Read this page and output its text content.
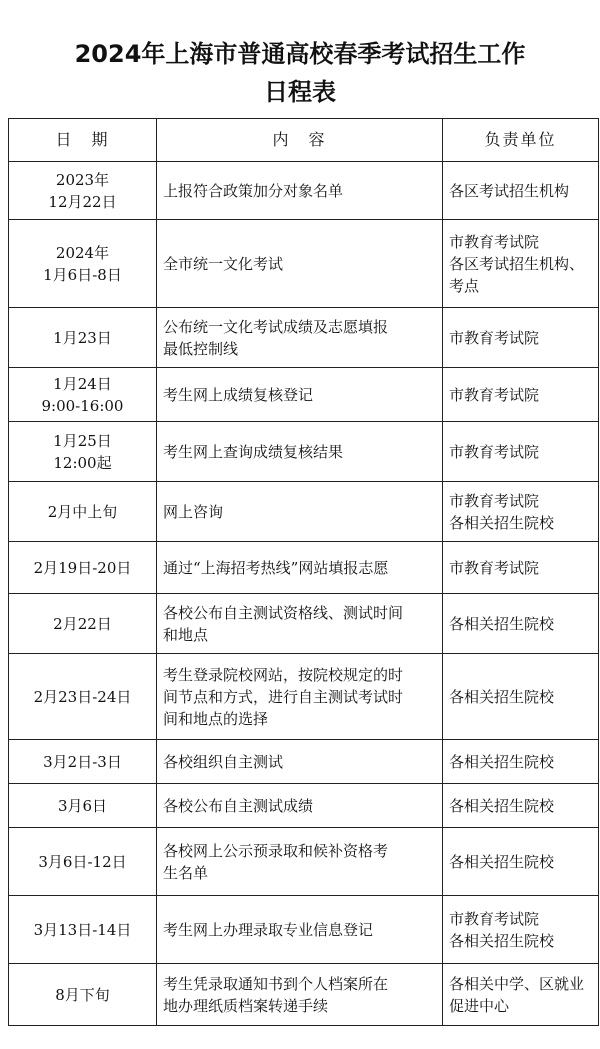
2024年上海市普通高校春季考试招生工作
日程表
日　期	内　容	负责单位

2023年
12月22日	上报符合政策加分对象名单	各区考试招生机构

2024年
1月6日-8日	全市统一文化考试	市教育考试院
各区考试招生机构、
考点

1月23日	公布统一文化考试成绩及志愿填报
最低控制线	市教育考试院

1月24日
9:00-16:00	考生网上成绩复核登记	市教育考试院

1月25日
12:00起	考生网上查询成绩复核结果	市教育考试院

2月中上旬	网上咨询	市教育考试院
各相关招生院校

2月19日-20日	通过“上海招考热线”网站填报志愿	市教育考试院

2月22日	各校公布自主测试资格线、测试时间
和地点	各相关招生院校

2月23日-24日	考生登录院校网站，按院校规定的时
间节点和方式，进行自主测试考试时
间和地点的选择	各相关招生院校

3月2日-3日	各校组织自主测试	各相关招生院校

3月6日	各校公布自主测试成绩	各相关招生院校

3月6日-12日	各校网上公示预录取和候补资格考
生名单	各相关招生院校

3月13日-14日	考生网上办理录取专业信息登记	市教育考试院
各相关招生院校

8月下旬	考生凭录取通知书到个人档案所在
地办理纸质档案转递手续	各相关中学、区就业
促进中心
